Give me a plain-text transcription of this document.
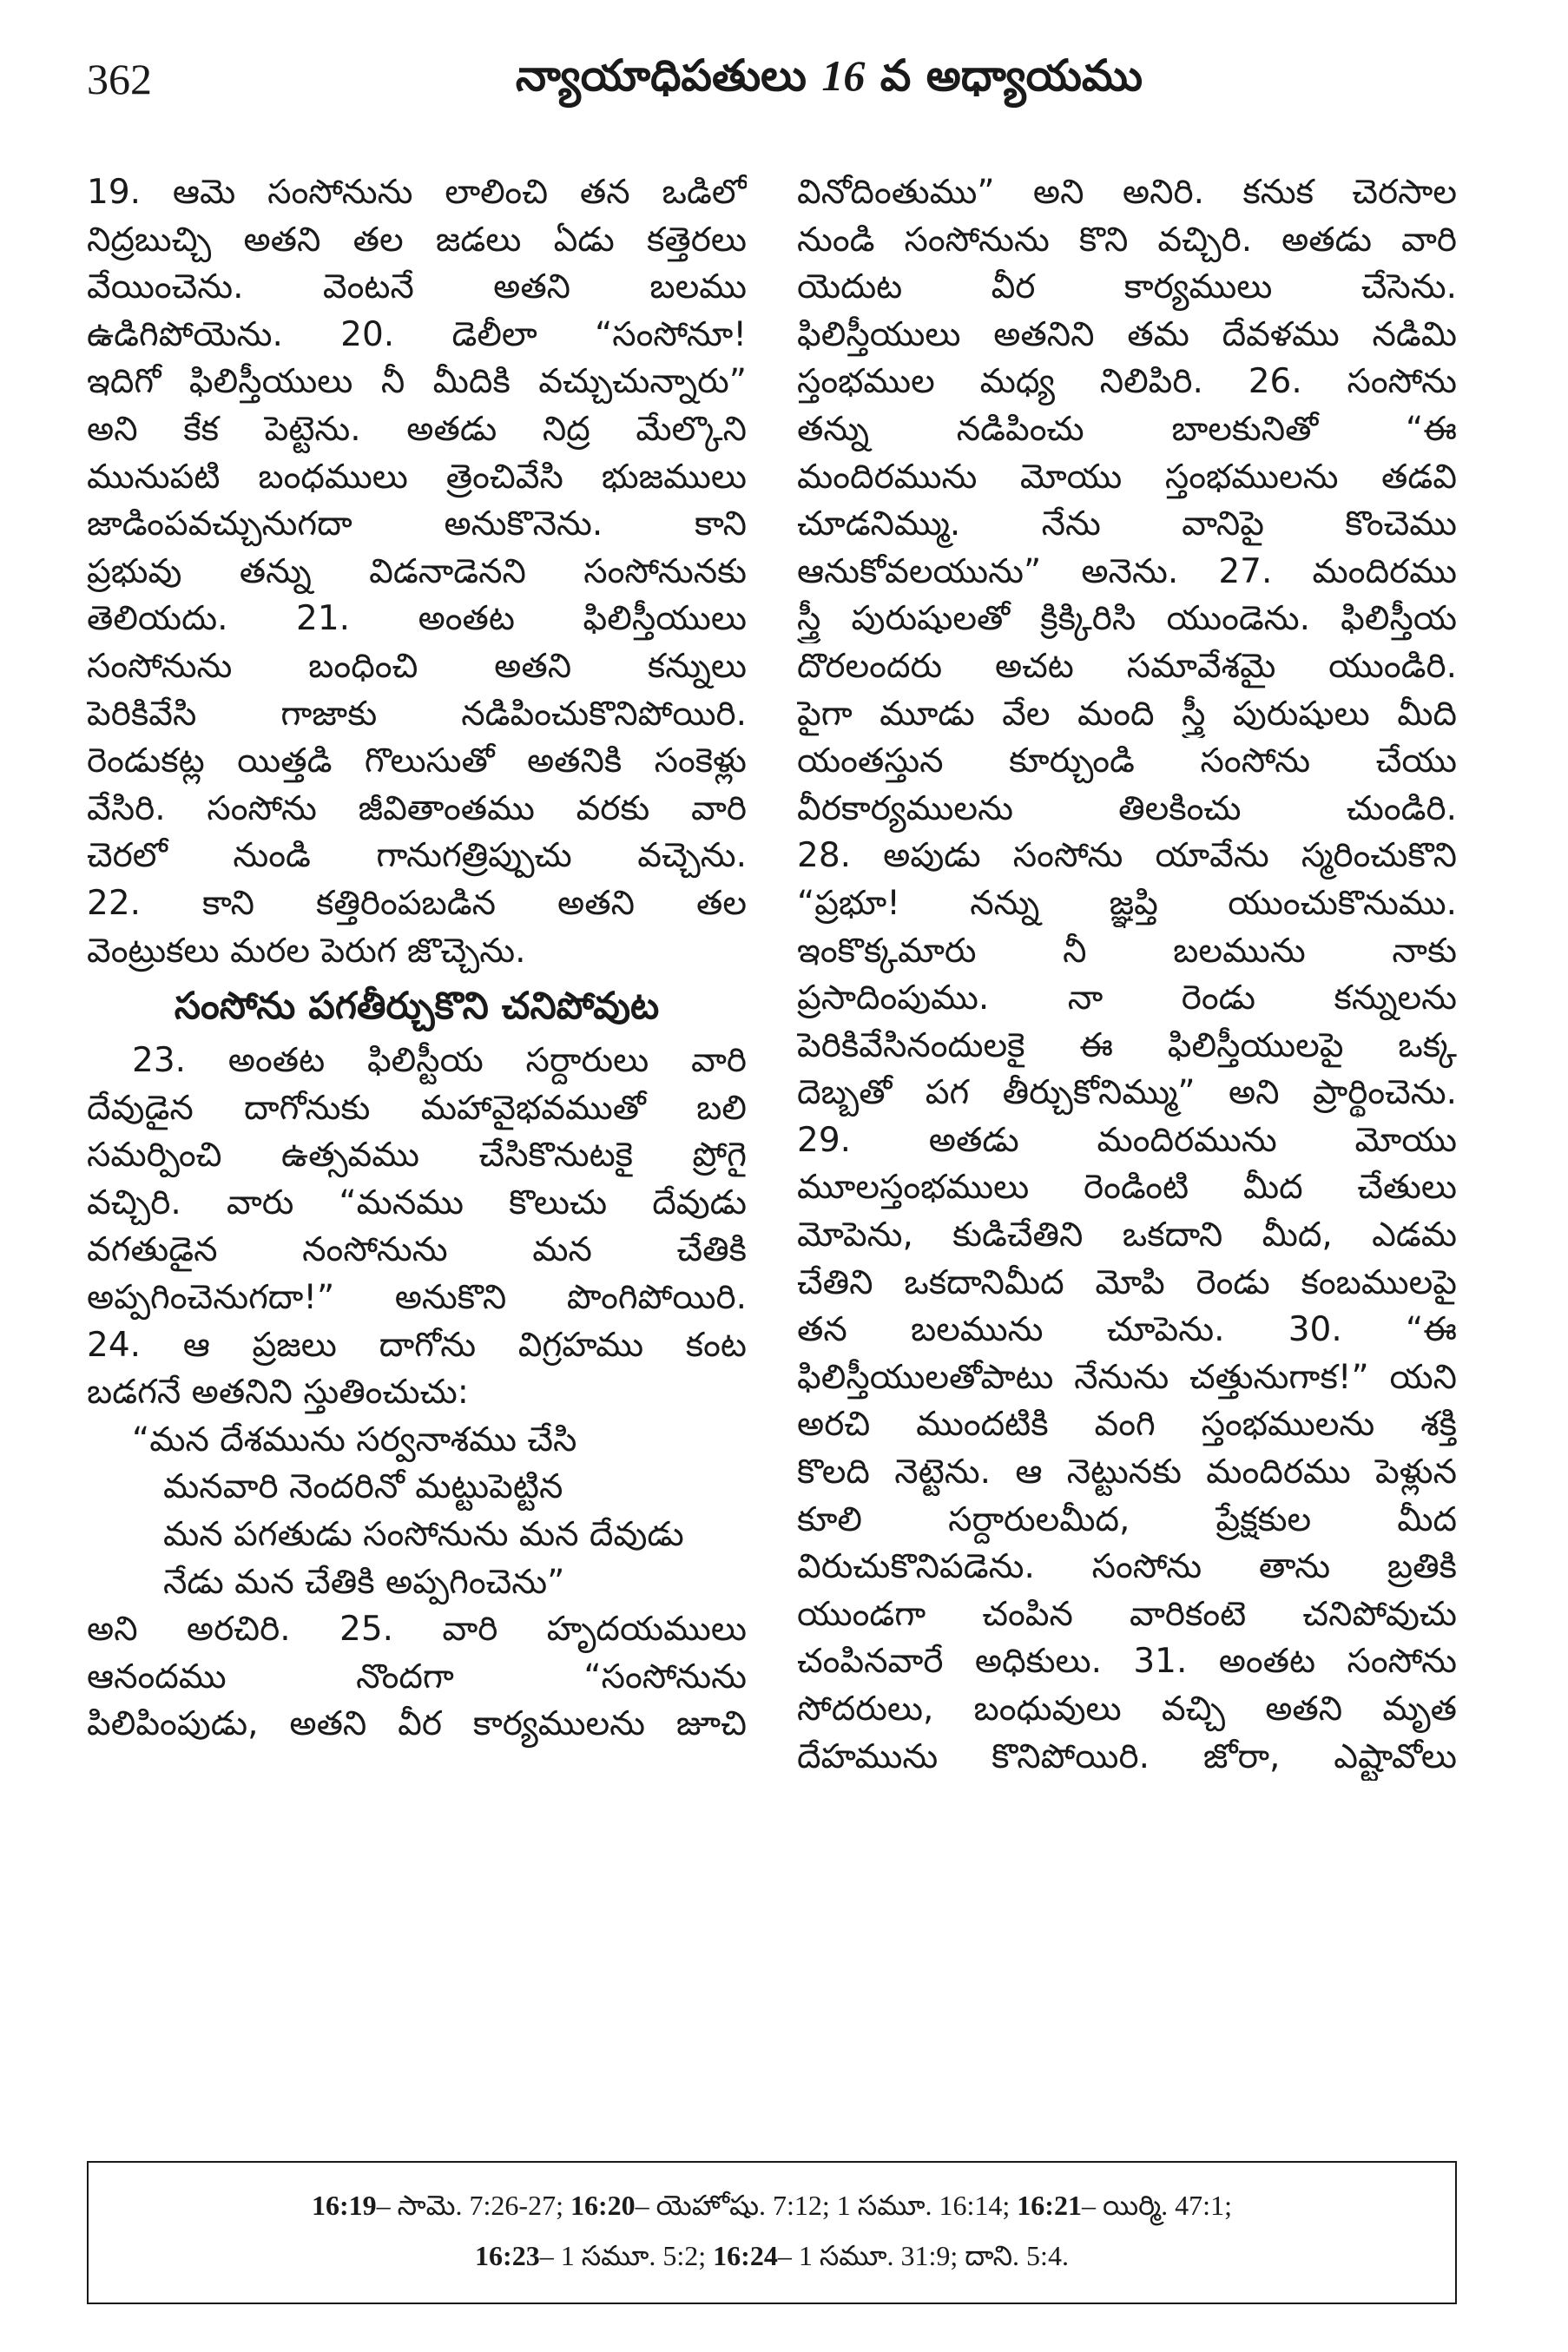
362	న్యాయాధిపతులు 16 వ అధ్యాయము
19. ఆమె సంసోనును లాలించి తన ఒడిలో
నిద్రబుచ్చి అతని తల జడలు ఏడు కత్తెరలు
వేయించెను. వెంటనే అతని బలము
ఉడిగిపోయెను. 20. డెలీలా “సంసోనూ!
ఇదిగో ఫిలిస్తీయులు నీ మీదికి వచ్చుచున్నారు”
అని కేక పెట్టెను. అతడు నిద్ర మేల్కొని
మునుపటి బంధములు త్రెంచివేసి భుజములు
జాడింపవచ్చునుగదా అనుకొనెను. కాని
ప్రభువు తన్ను విడనాడెనని సంసోనునకు
తెలియదు. 21. అంతట ఫిలిస్తీయులు
సంసోనును బంధించి అతని కన్నులు
పెరికివేసి గాజాకు నడిపించుకొనిపోయిరి.
రెండుకట్ల యిత్తడి గొలుసుతో అతనికి సంకెళ్లు
వేసిరి. సంసోను జీవితాంతము వరకు వారి
చెరలో నుండి గానుగత్రిప్పుచు వచ్చెను.
22. కాని కత్తిరింపబడిన అతని తల
వెంట్రుకలు మరల పెరుగ జొచ్చెను.
సంసోను పగతీర్చుకొని చనిపోవుట
23. అంతట ఫిలిస్టీయ సర్దారులు వారి
దేవుడైన దాగోనుకు మహావైభవముతో బలి
సమర్పించి ఉత్సవము చేసికొనుటకై ప్రోగై
వచ్చిరి. వారు “మనము కొలుచు దేవుడు
వగతుడైన నంసోనును మన చేతికి
అప్పగించెనుగదా!” అనుకొని పొంగిపోయిరి.
24. ఆ ప్రజలు దాగోను విగ్రహము కంట
బడగనే అతనిని స్తుతించుచు:
“మన దేశమును సర్వనాశము చేసి
మనవారి నెందరినో మట్టుపెట్టిన
మన పగతుడు సంసోనును మన దేవుడు
నేడు మన చేతికి అప్పగించెను”
అని అరచిరి. 25. వారి హృదయములు
ఆనందము నొందగా “సంసోనును
పిలిపింపుడు, అతని వీర కార్యములను జూచి
వినోదింతుము” అని అనిరి. కనుక చెరసాల
నుండి సంసోనును కొని వచ్చిరి. అతడు వారి
యెదుట వీర కార్యములు చేసెను.
ఫిలిస్తీయులు అతనిని తమ దేవళము నడిమి
స్తంభముల మధ్య నిలిపిరి. 26. సంసోను
తన్ను నడిపించు బాలకునితో “ఈ
మందిరమును మోయు స్తంభములను తడవి
చూడనిమ్ము. నేను వానిపై కొంచెము
ఆనుకోవలయును” అనెను. 27. మందిరము
స్త్రీ పురుషులతో క్రిక్కిరిసి యుండెను. ఫిలిస్తీయ
దొరలందరు అచట సమావేశమై యుండిరి.
పైగా మూడు వేల మంది స్త్రీ పురుషులు మీది
యంతస్తున కూర్చుండి సంసోను చేయు
వీరకార్యములను తిలకించు చుండిరి.
28. అపుడు సంసోను యావేను స్మరించుకొని
“ప్రభూ! నన్ను జ్ఞప్తి యుంచుకొనుము.
ఇంకొక్కమారు నీ బలమును నాకు
ప్రసాదింపుము. నా రెండు కన్నులను
పెరికివేసినందులకై ఈ ఫిలిస్తీయులపై ఒక్క
దెబ్బతో పగ తీర్చుకోనిమ్ము” అని ప్రార్థించెను.
29. అతడు మందిరమును మోయు
మూలస్తంభములు రెండింటి మీద చేతులు
మోపెను, కుడిచేతిని ఒకదాని మీద, ఎడమ
చేతిని ఒకదానిమీద మోపి రెండు కంబములపై
తన బలమును చూపెను. 30. “ఈ
ఫిలిస్తీయులతోపాటు నేనును చత్తునుగాక!” యని
అరచి ముందటికి వంగి స్తంభములను శక్తి
కొలది నెట్టెను. ఆ నెట్టునకు మందిరము పెళ్లున
కూలి సర్దారులమీద, ప్రేక్షకుల మీద
విరుచుకొనిపడెను. సంసోను తాను బ్రతికి
యుండగా చంపిన వారికంటె చనిపోవుచు
చంపినవారే అధికులు. 31. అంతట సంసోను
సోదరులు, బంధువులు వచ్చి అతని మృత
దేహమును కొనిపోయిరి. జోరా, ఎష్టావోలు
16:19– సామె. 7:26-27; 16:20– యెహోషు. 7:12; 1 సమూ. 16:14; 16:21– యిర్మి. 47:1;
16:23– 1 సమూ. 5:2; 16:24– 1 సమూ. 31:9; దాని. 5:4.
